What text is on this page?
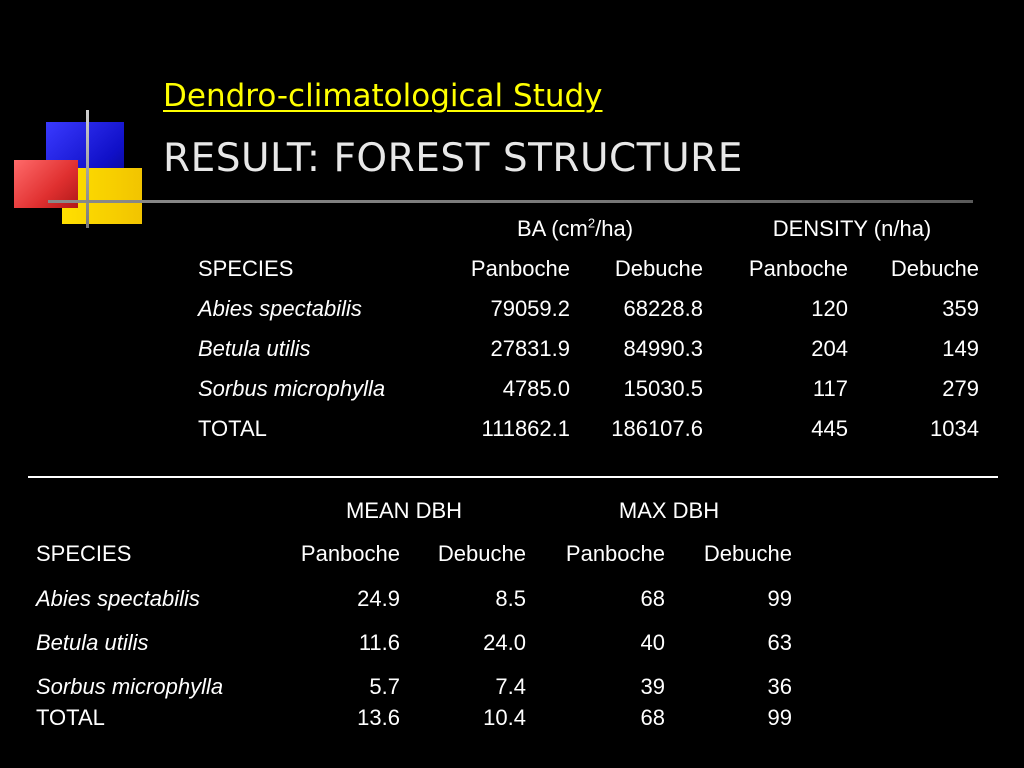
Dendro-climatological Study
RESULT: FOREST STRUCTURE
BA $(cm^2/ha)$	DENSITY (n/ha)
SPECIES	Panboche	Debuche	Panboche	Debuche
Abies spectabilis	79059.2	68228.8	120	359
Betula utilis	27831.9	84990.3	204	149
Sorbus microphylla	4785.0	15030.5	117	279
TOTAL	111862.1	186107.6	445	1034
MEAN DBH	MAX DBH
SPECIES	Panboche	Debuche	Panboche	Debuche
Abies spectabilis	24.9	8.5	68	99
Betula utilis	11.6	24.0	40	63
Sorbus microphylla	5.7	7.4	39	36
TOTAL	13.6	10.4	68	99
